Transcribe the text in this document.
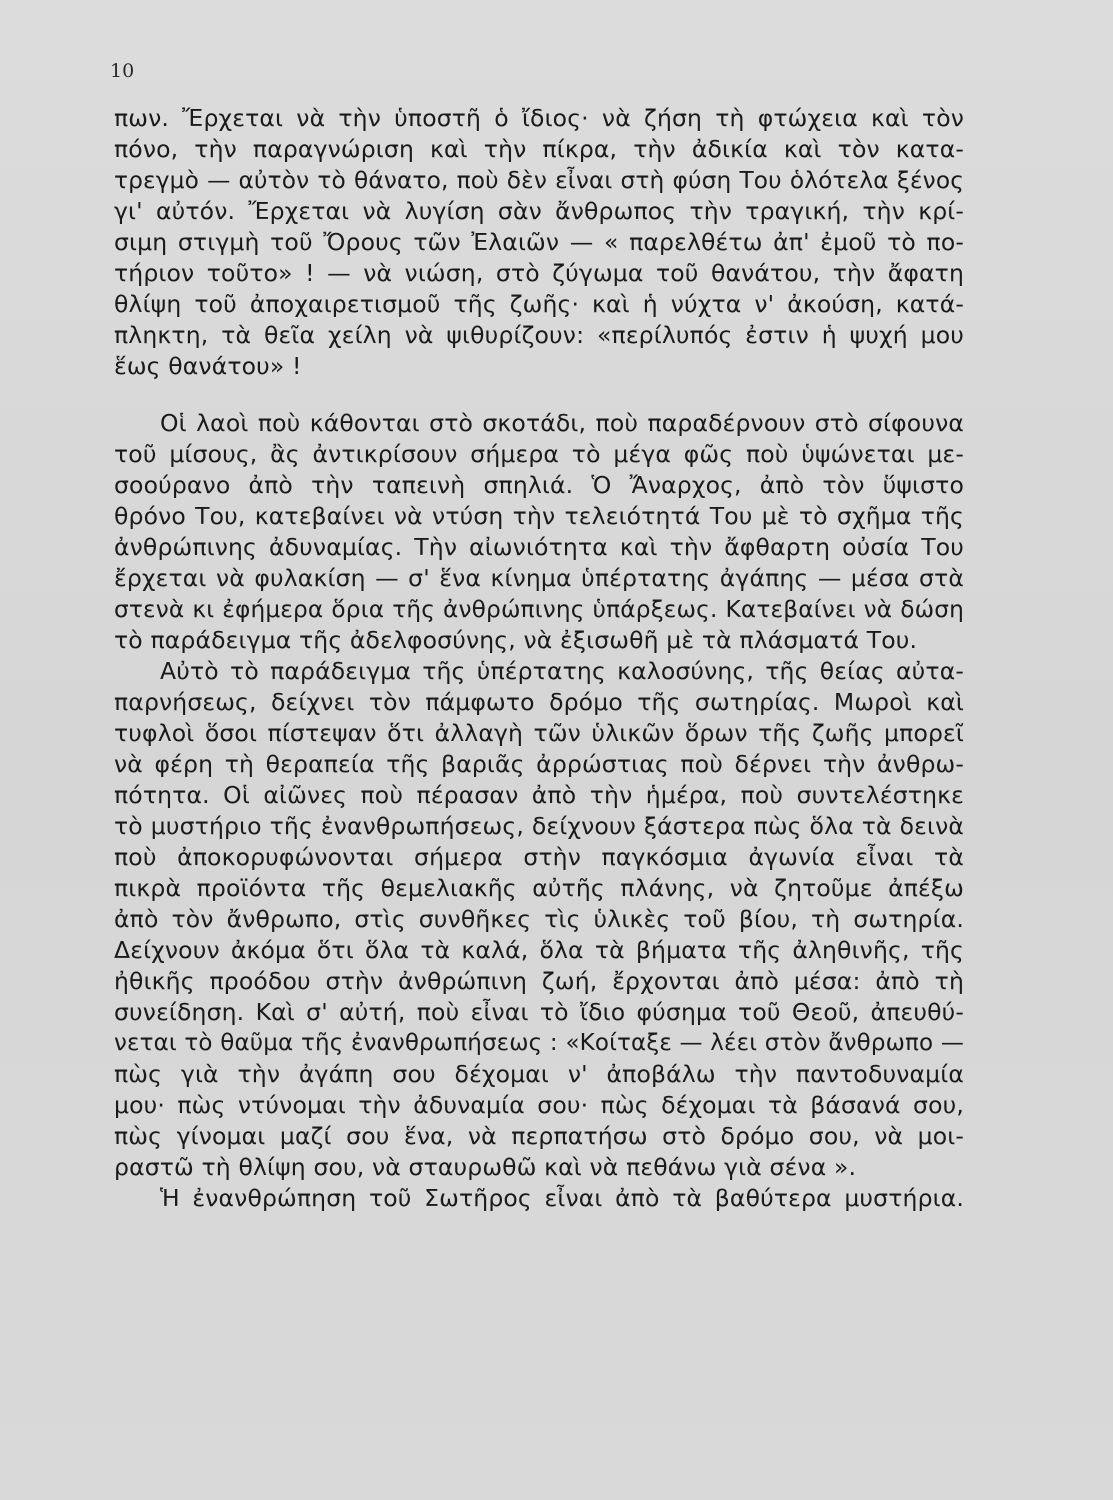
10
πων. Ἔρχεται νὰ τὴν ὑποστῆ ὁ ἴδιος· νὰ ζήση τὴ φτώχεια καὶ τὸν
πόνο, τὴν παραγνώριση καὶ τὴν πίκρα, τὴν ἀδικία καὶ τὸν κατα-
τρεγμὸ — αὐτὸν τὸ θάνατο, ποὺ δὲν εἶναι στὴ φύση Του ὁλότελα ξένος
γι' αὐτόν. Ἔρχεται νὰ λυγίση σὰν ἄνθρωπος τὴν τραγική, τὴν κρί-
σιμη στιγμὴ τοῦ Ὄρους τῶν Ἐλαιῶν — « παρελθέτω ἀπ' ἐμοῦ τὸ πο-
τήριον τοῦτο» ! — νὰ νιώση, στὸ ζύγωμα τοῦ θανάτου, τὴν ἄφατη
θλίψη τοῦ ἀποχαιρετισμοῦ τῆς ζωῆς· καὶ ἡ νύχτα ν' ἀκούση, κατά-
πληκτη, τὰ θεῖα χείλη νὰ ψιθυρίζουν: «περίλυπός ἐστιν ἡ ψυχή μου
ἕως θανάτου» !
Οἱ λαοὶ ποὺ κάθονται στὸ σκοτάδι, ποὺ παραδέρνουν στὸ σίφουνα
τοῦ μίσους, ἂς ἀντικρίσουν σήμερα τὸ μέγα φῶς ποὺ ὑψώνεται με-
σοούρανο ἀπὸ τὴν ταπεινὴ σπηλιά. Ὁ Ἄναρχος, ἀπὸ τὸν ὕψιστο
θρόνο Του, κατεβαίνει νὰ ντύση τὴν τελειότητά Του μὲ τὸ σχῆμα τῆς
ἀνθρώπινης ἀδυναμίας. Τὴν αἰωνιότητα καὶ τὴν ἄφθαρτη οὐσία Του
ἔρχεται νὰ φυλακίση — σ' ἕνα κίνημα ὑπέρτατης ἀγάπης — μέσα στὰ
στενὰ κι ἐφήμερα ὅρια τῆς ἀνθρώπινης ὑπάρξεως. Κατεβαίνει νὰ δώση
τὸ παράδειγμα τῆς ἀδελφοσύνης, νὰ ἐξισωθῆ μὲ τὰ πλάσματά Του.
Αὐτὸ τὸ παράδειγμα τῆς ὑπέρτατης καλοσύνης, τῆς θείας αὐτα-
παρνήσεως, δείχνει τὸν πάμφωτο δρόμο τῆς σωτηρίας. Μωροὶ καὶ
τυφλοὶ ὅσοι πίστεψαν ὅτι ἀλλαγὴ τῶν ὑλικῶν ὅρων τῆς ζωῆς μπορεῖ
νὰ φέρη τὴ θεραπεία τῆς βαριᾶς ἀρρώστιας ποὺ δέρνει τὴν ἀνθρω-
πότητα. Οἱ αἰῶνες ποὺ πέρασαν ἀπὸ τὴν ἡμέρα, ποὺ συντελέστηκε
τὸ μυστήριο τῆς ἐνανθρωπήσεως, δείχνουν ξάστερα πὼς ὅλα τὰ δεινὰ
ποὺ ἀποκορυφώνονται σήμερα στὴν παγκόσμια ἀγωνία εἶναι τὰ
πικρὰ προϊόντα τῆς θεμελιακῆς αὐτῆς πλάνης, νὰ ζητοῦμε ἀπέξω
ἀπὸ τὸν ἄνθρωπο, στὶς συνθῆκες τὶς ὑλικὲς τοῦ βίου, τὴ σωτηρία.
Δείχνουν ἀκόμα ὅτι ὅλα τὰ καλά, ὅλα τὰ βήματα τῆς ἀληθινῆς, τῆς
ἠθικῆς προόδου στὴν ἀνθρώπινη ζωή, ἔρχονται ἀπὸ μέσα: ἀπὸ τὴ
συνείδηση. Καὶ σ' αὐτή, ποὺ εἶναι τὸ ἴδιο φύσημα τοῦ Θεοῦ, ἀπευθύ-
νεται τὸ θαῦμα τῆς ἐνανθρωπήσεως : «Κοίταξε — λέει στὸν ἄνθρωπο —
πὼς γιὰ τὴν ἀγάπη σου δέχομαι ν' ἀποβάλω τὴν παντοδυναμία
μου· πὼς ντύνομαι τὴν ἀδυναμία σου· πὼς δέχομαι τὰ βάσανά σου,
πὼς γίνομαι μαζί σου ἕνα, νὰ περπατήσω στὸ δρόμο σου, νὰ μοι-
ραστῶ τὴ θλίψη σου, νὰ σταυρωθῶ καὶ νὰ πεθάνω γιὰ σένα ».
Ἡ ἐνανθρώπηση τοῦ Σωτῆρος εἶναι ἀπὸ τὰ βαθύτερα μυστήρια.
